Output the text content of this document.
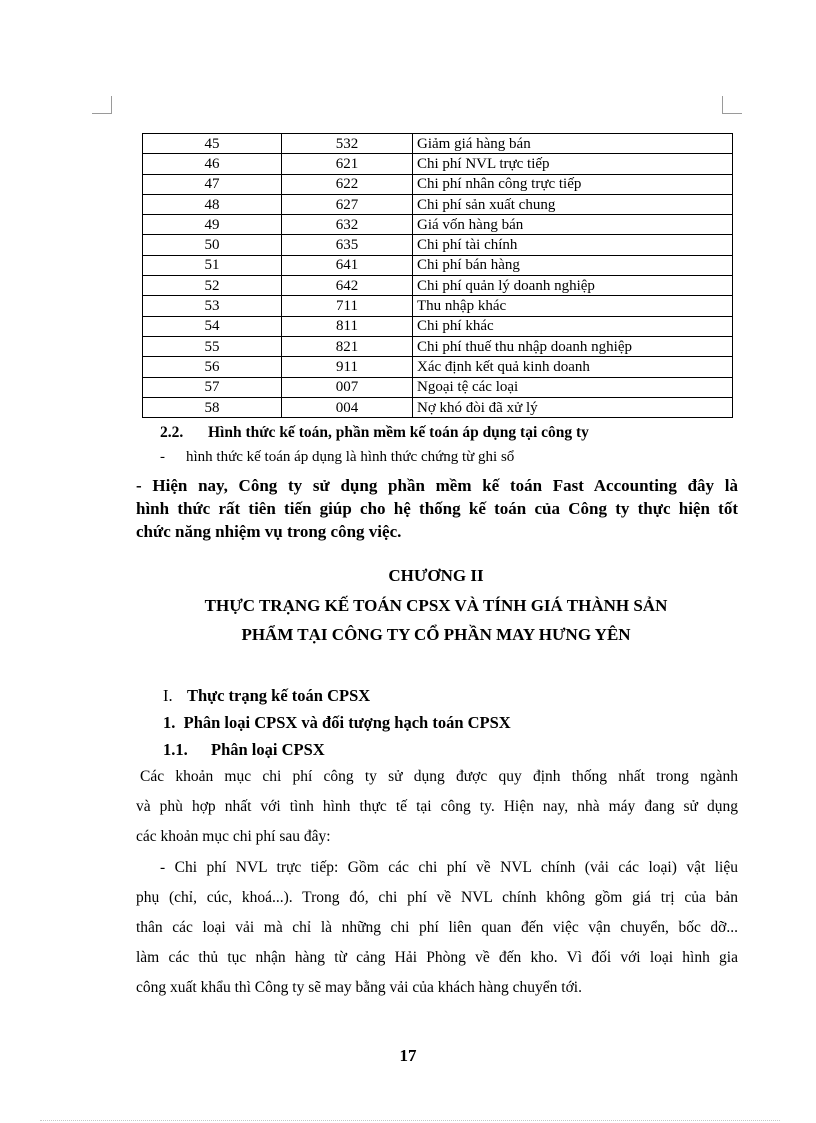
45	532	Giảm giá hàng bán
46	621	Chi phí NVL trực tiếp
47	622	Chi phí nhân công trực tiếp
48	627	Chi phí sản xuất chung
49	632	Giá vốn hàng bán
50	635	Chi phí tài chính
51	641	Chi phí bán hàng
52	642	Chi phí quản lý doanh nghiệp
53	711	Thu nhập khác
54	811	Chi phí khác
55	821	Chi phí thuế thu nhập doanh nghiệp
56	911	Xác định kết quả kinh doanh
57	007	Ngoại tệ các loại
58	004	Nợ khó đòi đã xử lý
2.2. Hình thức kế toán, phần mềm kế toán áp dụng tại công ty
- hình thức kế toán áp dụng là hình thức chứng từ ghi sổ
- Hiện nay, Công ty sử dụng phần mềm kế toán Fast Accounting đây là
hình thức rất tiên tiến giúp cho hệ thống kế toán của Công ty thực hiện tốt
chức năng nhiệm vụ trong công việc.
CHƯƠNG II
THỰC TRẠNG KẾ TOÁN CPSX VÀ TÍNH GIÁ THÀNH SẢN
PHẨM TẠI CÔNG TY CỔ PHẦN MAY HƯNG YÊN
I. Thực trạng kế toán CPSX
1. Phân loại CPSX và đối tượng hạch toán CPSX
1.1. Phân loại CPSX
Các khoản mục chi phí công ty sử dụng được quy định thống nhất trong ngành
và phù hợp nhất với tình hình thực tế tại công ty. Hiện nay, nhà máy đang sử dụng
các khoản mục chi phí sau đây:
- Chi phí NVL trực tiếp: Gồm các chi phí về NVL chính (vải các loại) vật liệu
phụ (chỉ, cúc, khoá...). Trong đó, chi phí về NVL chính không gồm giá trị của bản
thân các loại vải mà chỉ là những chi phí liên quan đến việc vận chuyển, bốc dỡ...
làm các thủ tục nhận hàng từ cảng Hải Phòng về đến kho. Vì đối với loại hình gia
công xuất khẩu thì Công ty sẽ may bằng vải của khách hàng chuyển tới.
17
